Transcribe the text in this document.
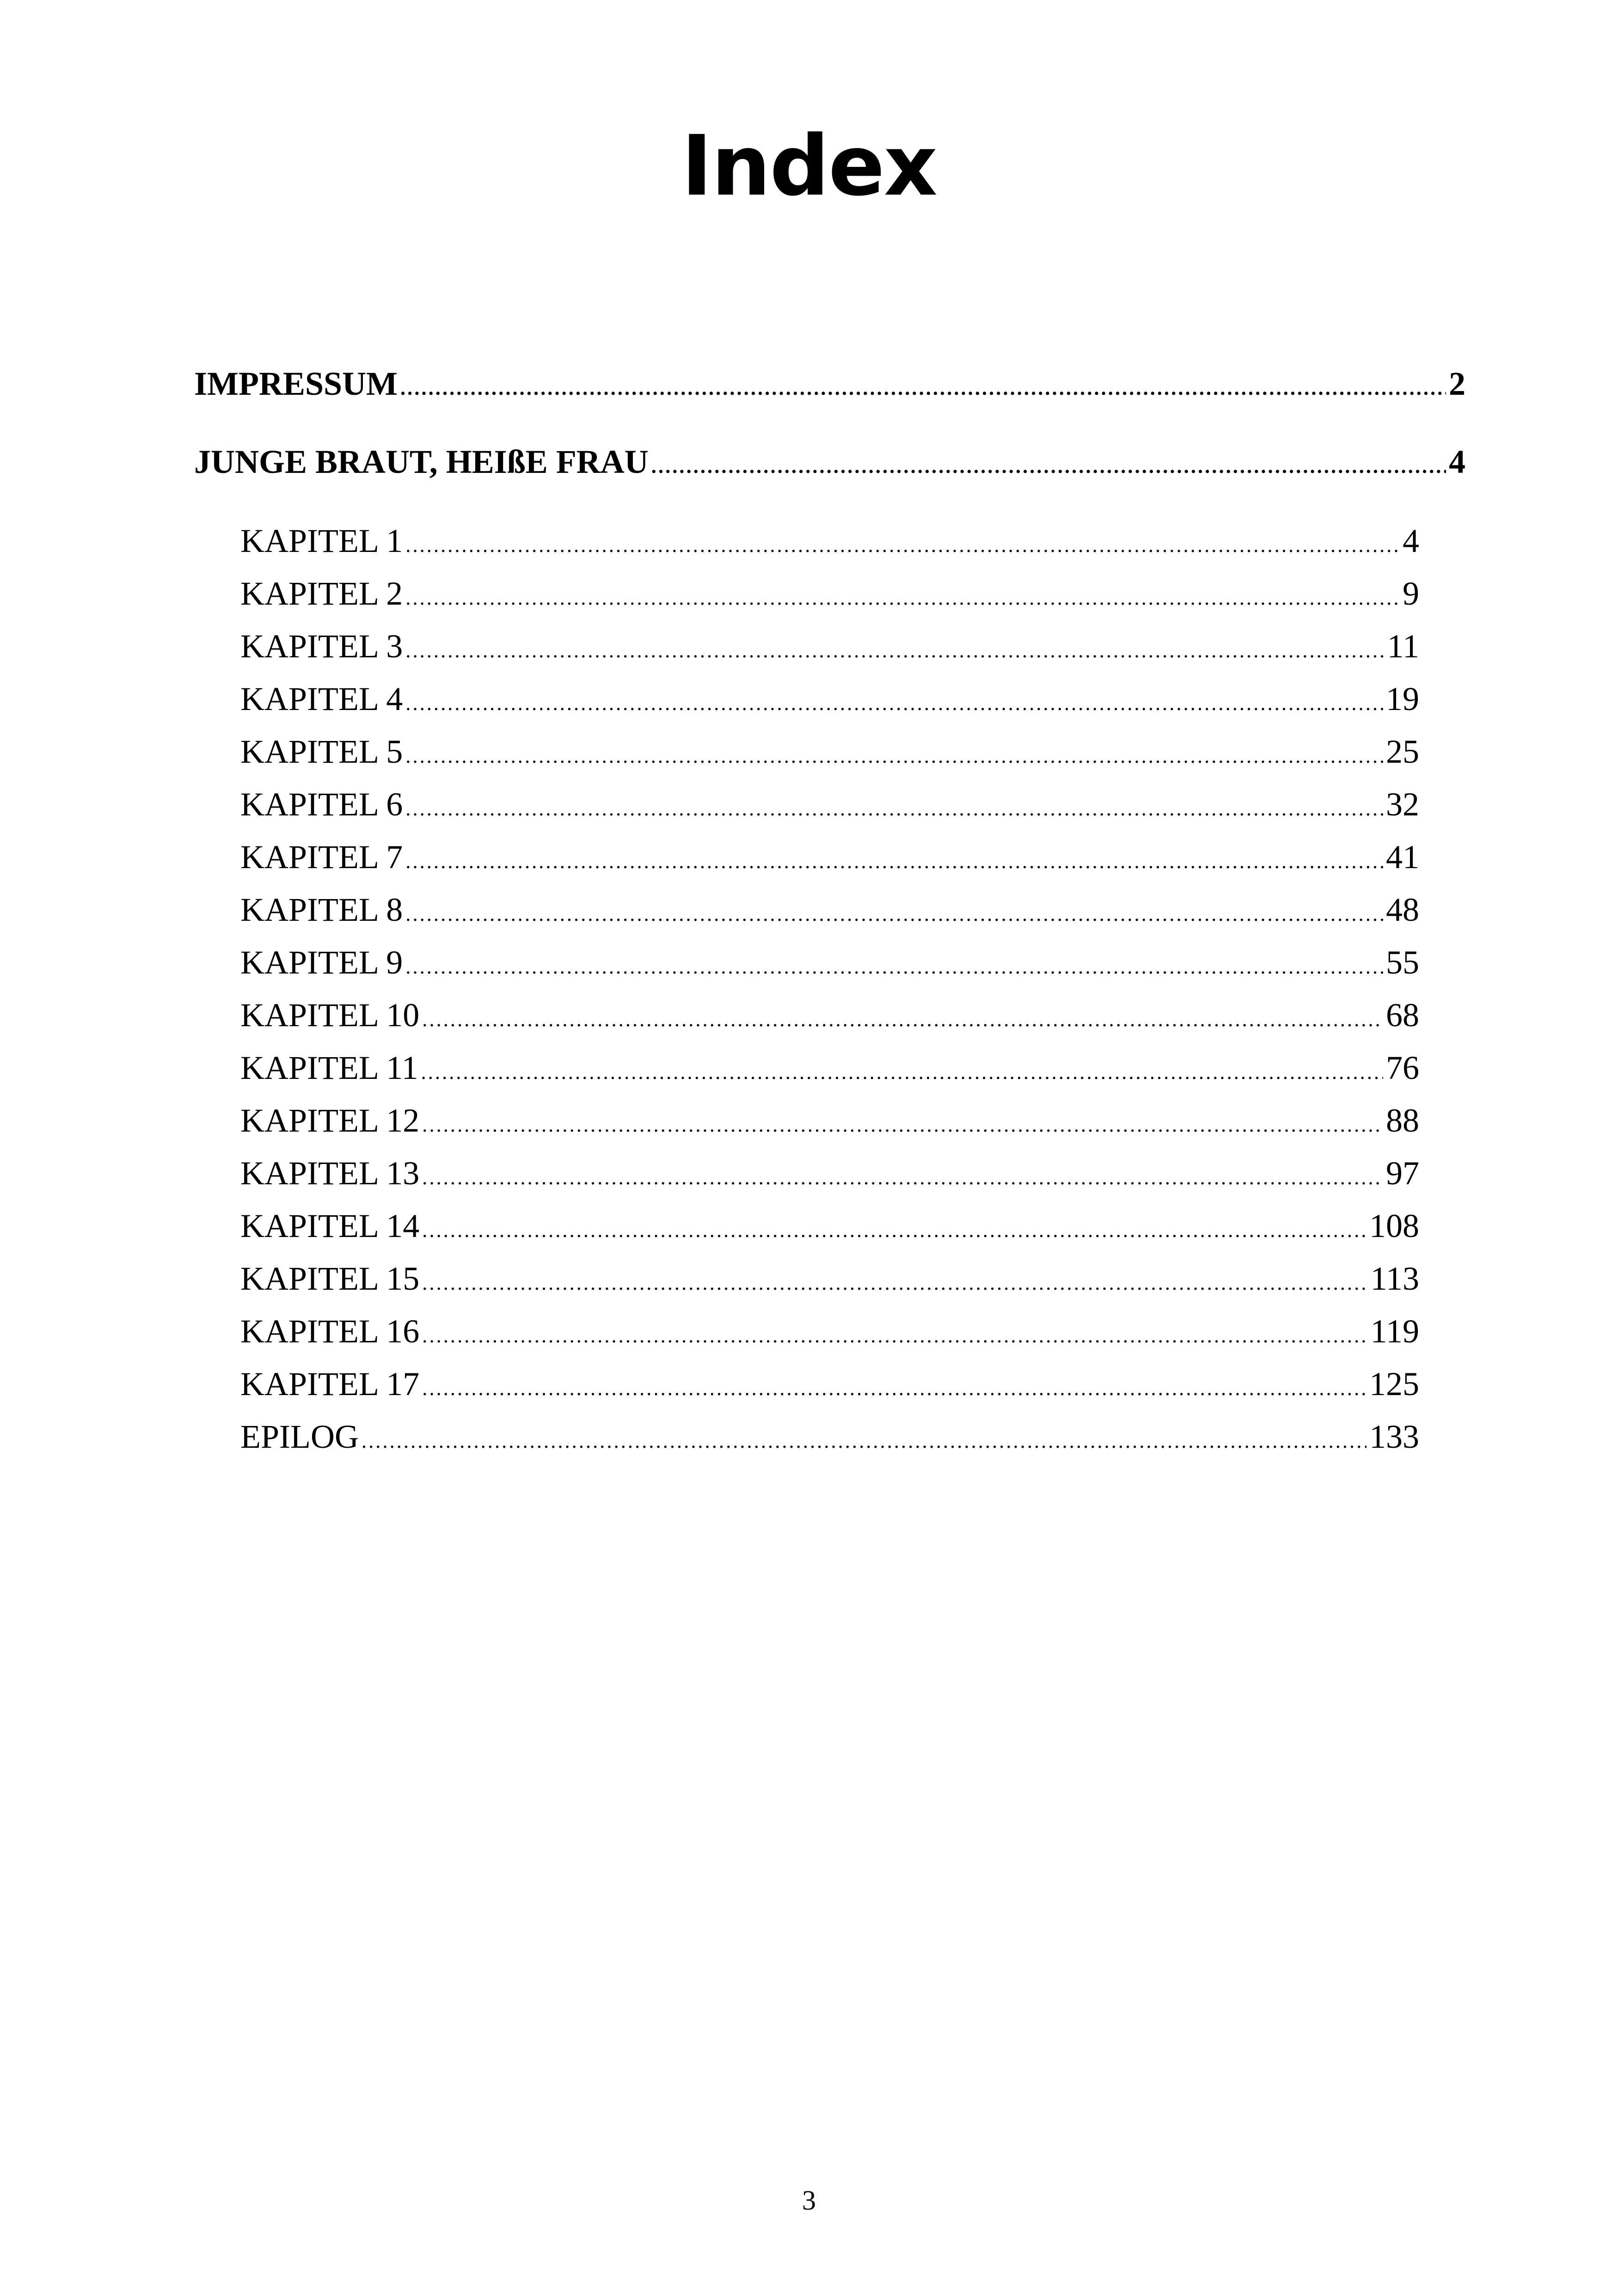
Index
IMPRESSUM .....	2
JUNGE BRAUT, HEIßE FRAU .....	4
KAPITEL 1 .....	4
KAPITEL 2 .....	9
KAPITEL 3 .....	11
KAPITEL 4 .....	19
KAPITEL 5 .....	25
KAPITEL 6 .....	32
KAPITEL 7 .....	41
KAPITEL 8 .....	48
KAPITEL 9 .....	55
KAPITEL 10 .....	68
KAPITEL 11 .....	76
KAPITEL 12 .....	88
KAPITEL 13 .....	97
KAPITEL 14 .....	108
KAPITEL 15 .....	113
KAPITEL 16 .....	119
KAPITEL 17 .....	125
EPILOG .....	133
3
